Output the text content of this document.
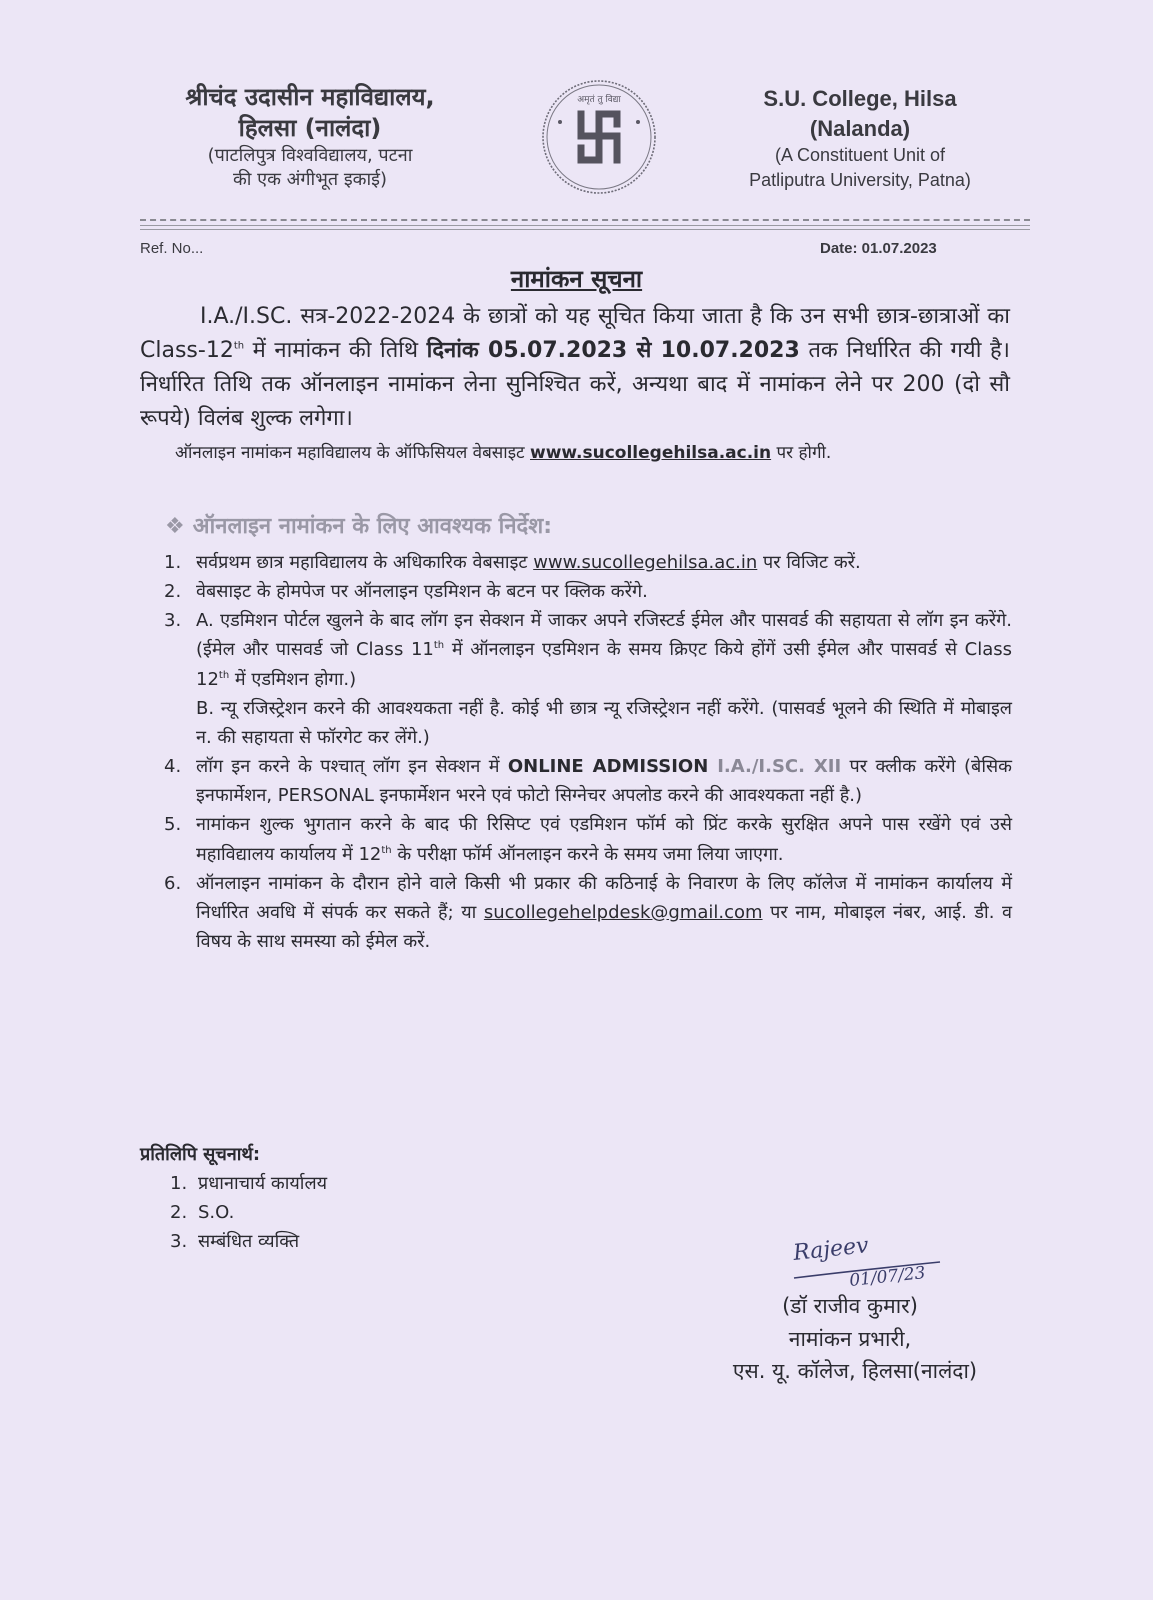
श्रीचंद उदासीन महाविद्यालय,
हिलसा (नालंदा)
(पाटलिपुत्र विश्वविद्यालय, पटना
की एक अंगीभूत इकाई)
अमृतं तु विद्या	S.U. College, Hilsa
(Nalanda)
(A Constituent Unit of
Patliputra University, Patna)
Ref. No...	Date: 01.07.2023
नामांकन सूचना
I.A./I.SC. सत्र-2022-2024 के छात्रों को यह सूचित किया जाता है कि उन सभी छात्र-छात्राओं का Class-12th में नामांकन की तिथि दिनांक 05.07.2023 से 10.07.2023 तक निर्धारित की गयी है। निर्धारित तिथि तक ऑनलाइन नामांकन लेना सुनिश्चित करें, अन्यथा बाद में नामांकन लेने पर 200 (दो सौ रूपये) विलंब शुल्क लगेगा।
ऑनलाइन नामांकन महाविद्यालय के ऑफिसियल वेबसाइट www.sucollegehilsa.ac.in पर होगी.
❖ ऑनलाइन नामांकन के लिए आवश्यक निर्देश:
1. सर्वप्रथम छात्र महाविद्यालय के अधिकारिक वेबसाइट www.sucollegehilsa.ac.in पर विजिट करें.
2. वेबसाइट के होमपेज पर ऑनलाइन एडमिशन के बटन पर क्लिक करेंगे.
3. A. एडमिशन पोर्टल खुलने के बाद लॉग इन सेक्शन में जाकर अपने रजिस्टर्ड ईमेल और पासवर्ड की सहायता से लॉग इन करेंगे. (ईमेल और पासवर्ड जो Class 11th में ऑनलाइन एडमिशन के समय क्रिएट किये होंगें उसी ईमेल और पासवर्ड से Class 12th में एडमिशन होगा.)
B. न्यू रजिस्ट्रेशन करने की आवश्यकता नहीं है. कोई भी छात्र न्यू रजिस्ट्रेशन नहीं करेंगे. (पासवर्ड भूलने की स्थिति में मोबाइल न. की सहायता से फॉरगेट कर लेंगे.)
4. लॉग इन करने के पश्चात् लॉग इन सेक्शन में ONLINE ADMISSION I.A./I.SC. XII पर क्लीक करेंगे (बेसिक इनफार्मेशन, PERSONAL इनफार्मेशन भरने एवं फोटो सिग्नेचर अपलोड करने की आवश्यकता नहीं है.)
5. नामांकन शुल्क भुगतान करने के बाद फी रिसिप्ट एवं एडमिशन फॉर्म को प्रिंट करके सुरक्षित अपने पास रखेंगे एवं उसे महाविद्यालय कार्यालय में 12th के परीक्षा फॉर्म ऑनलाइन करने के समय जमा लिया जाएगा.
6. ऑनलाइन नामांकन के दौरान होने वाले किसी भी प्रकार की कठिनाई के निवारण के लिए कॉलेज में नामांकन कार्यालय में निर्धारित अवधि में संपर्क कर सकते हैं; या sucollegehelpdesk@gmail.com पर नाम, मोबाइल नंबर, आई. डी. व विषय के साथ समस्या को ईमेल करें.
प्रतिलिपि सूचनार्थ:
1. प्रधानाचार्य कार्यालय
2. S.O.
3. सम्बंधित व्यक्ति	Rajeev
01/07/23
(डॉ राजीव कुमार)
नामांकन प्रभारी,
एस. यू. कॉलेज, हिलसा(नालंदा)
